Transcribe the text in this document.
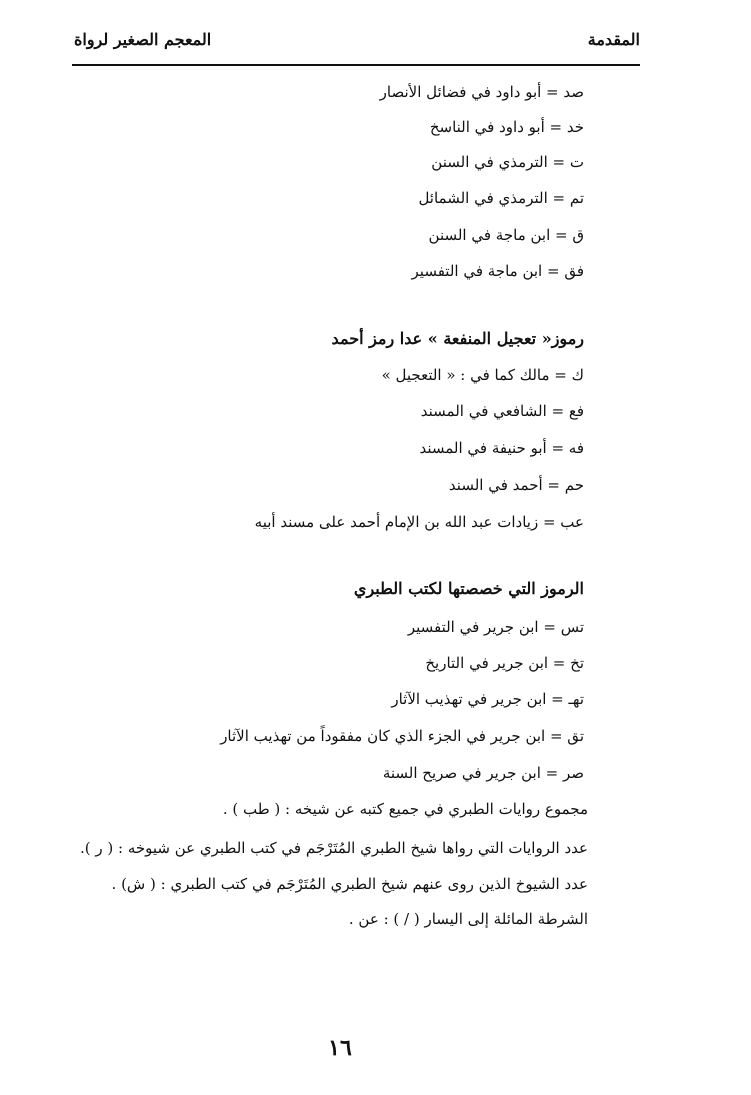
المقدمة
المعجم الصغير لرواة
صد = أبو داود في فضائل الأنصار
خد = أبو داود في الناسخ
ت = الترمذي في السنن
تم = الترمذي في الشمائل
ق = ابن ماجة في السنن
فق = ابن ماجة في التفسير
رموز« تعجيل المنفعة » عدا رمز أحمد
ك = مالك كما في : « التعجيل »
فع = الشافعي في المسند
فه = أبو حنيفة في المسند
حم = أحمد في السند
عب = زيادات عبد الله بن الإمام أحمد على مسند أبيه
الرموز التي خصصتها لكتب الطبري
تس = ابن جرير في التفسير
تخ = ابن جرير في التاريخ
تهـ = ابن جرير في تهذيب الآثار
تق = ابن جرير في الجزء الذي كان مفقوداً من تهذيب الآثار
صر = ابن جرير في صريح السنة
مجموع روايات الطبري في جميع كتبه عن شيخه : ( طب ) .
عدد الروايات التي رواها شيخ الطبري المُتَرْجَم في كتب الطبري عن شيوخه : ( ر ).
عدد الشيوخ الذين روى عنهم شيخ الطبري المُتَرْجَم في كتب الطبري : ( ش) .
الشرطة المائلة إلى اليسار ( / ) : عن .
١٦
